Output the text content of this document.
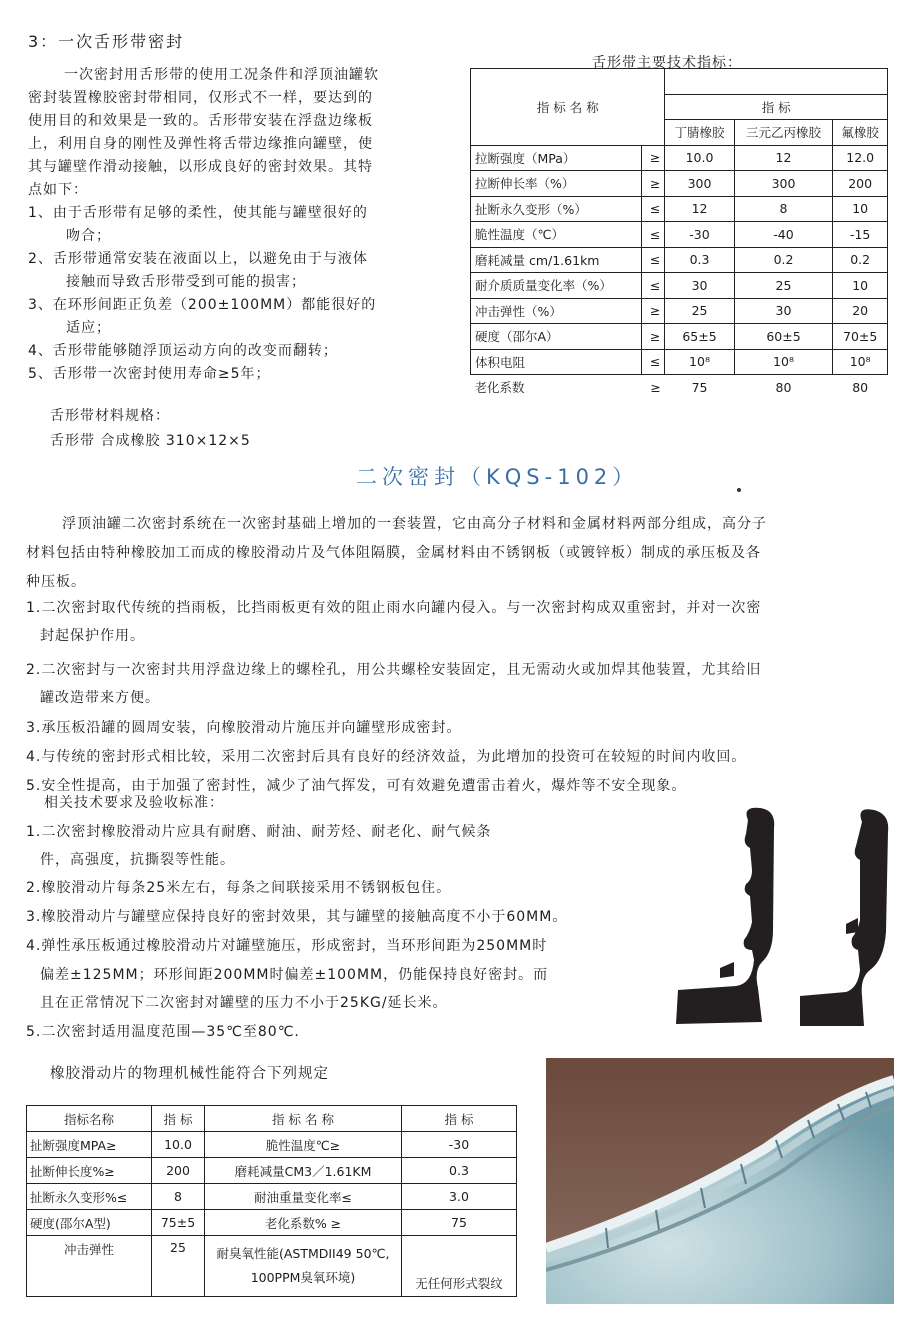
3：一次舌形带密封
一次密封用舌形带的使用工况条件和浮顶油罐软
密封装置橡胶密封带相同，仅形式不一样，要达到的
使用目的和效果是一致的。舌形带安装在浮盘边缘板
上，利用自身的刚性及弹性将舌带边缘推向罐壁，使
其与罐壁作滑动接触，以形成良好的密封效果。其特
点如下：
1、由于舌形带有足够的柔性，使其能与罐壁很好的
吻合；
2、舌形带通常安装在液面以上，以避免由于与液体
接触而导致舌形带受到可能的损害；
3、在环形间距正负差（200±100MM）都能很好的
适应；
4、舌形带能够随浮顶运动方向的改变而翻转；
5、舌形带一次密封使用寿命≥5年；
舌形带材料规格：
舌形带 合成橡胶 310×12×5
舌形带主要技术指标：
指 标 名 称				
		指 标		
		丁腈橡胶	三元乙丙橡胶	氟橡胶
拉断强度（MPa）	≥	10.0	12	12.0
拉断伸长率（%）	≥	300	300	200
扯断永久变形（%）	≤	12	8	10
脆性温度（℃）	≤	-30	-40	-15
磨耗减量 cm/1.61km	≤	0.3	0.2	0.2
耐介质质量变化率（%）	≤	30	25	10
冲击弹性（%）	≥	25	30	20
硬度（邵尔A）	≥	65±5	60±5	70±5
体积电阻	≤	10⁸	10⁸	10⁸
老化系数	≥	75	80	80
二次密封（KQS-102）
浮顶油罐二次密封系统在一次密封基础上增加的一套装置，它由高分子材料和金属材料两部分组成，高分子
材料包括由特种橡胶加工而成的橡胶滑动片及气体阻隔膜，金属材料由不锈钢板（或镀锌板）制成的承压板及各
种压板。
1.二次密封取代传统的挡雨板，比挡雨板更有效的阻止雨水向罐内侵入。与一次密封构成双重密封，并对一次密
封起保护作用。
2.二次密封与一次密封共用浮盘边缘上的螺栓孔，用公共螺栓安装固定，且无需动火或加焊其他装置，尤其给旧
罐改造带来方便。
3.承压板沿罐的圆周安装，向橡胶滑动片施压并向罐壁形成密封。
4.与传统的密封形式相比较，采用二次密封后具有良好的经济效益，为此增加的投资可在较短的时间内收回。
5.安全性提高，由于加强了密封性，减少了油气挥发，可有效避免遭雷击着火，爆炸等不安全现象。
相关技术要求及验收标准：
1.二次密封橡胶滑动片应具有耐磨、耐油、耐芳烃、耐老化、耐气候条
件，高强度，抗撕裂等性能。
2.橡胶滑动片每条25米左右，每条之间联接采用不锈钢板包住。
3.橡胶滑动片与罐壁应保持良好的密封效果，其与罐壁的接触高度不小于60MM。
4.弹性承压板通过橡胶滑动片对罐壁施压，形成密封，当环形间距为250MM时
偏差±125MM；环形间距200MM时偏差±100MM，仍能保持良好密封。而
且在正常情况下二次密封对罐壁的压力不小于25KG/延长米。
5.二次密封适用温度范围—35℃至80℃.
橡胶滑动片的物理机械性能符合下列规定
指标名称	指 标	指 标 名 称	指 标
扯断强度MPA≥	10.0	脆性温度℃≥	-30
扯断伸长度%≥	200	磨耗减量CM3／1.61KM	0.3
扯断永久变形%≤	8	耐油重量变化率≤	3.0
硬度(邵尔A型)	75±5	老化系数% ≥	75
冲击弹性	25	耐臭氧性能(ASTMDII49 50℃,
100PPM臭氧环境)	无任何形式裂纹
